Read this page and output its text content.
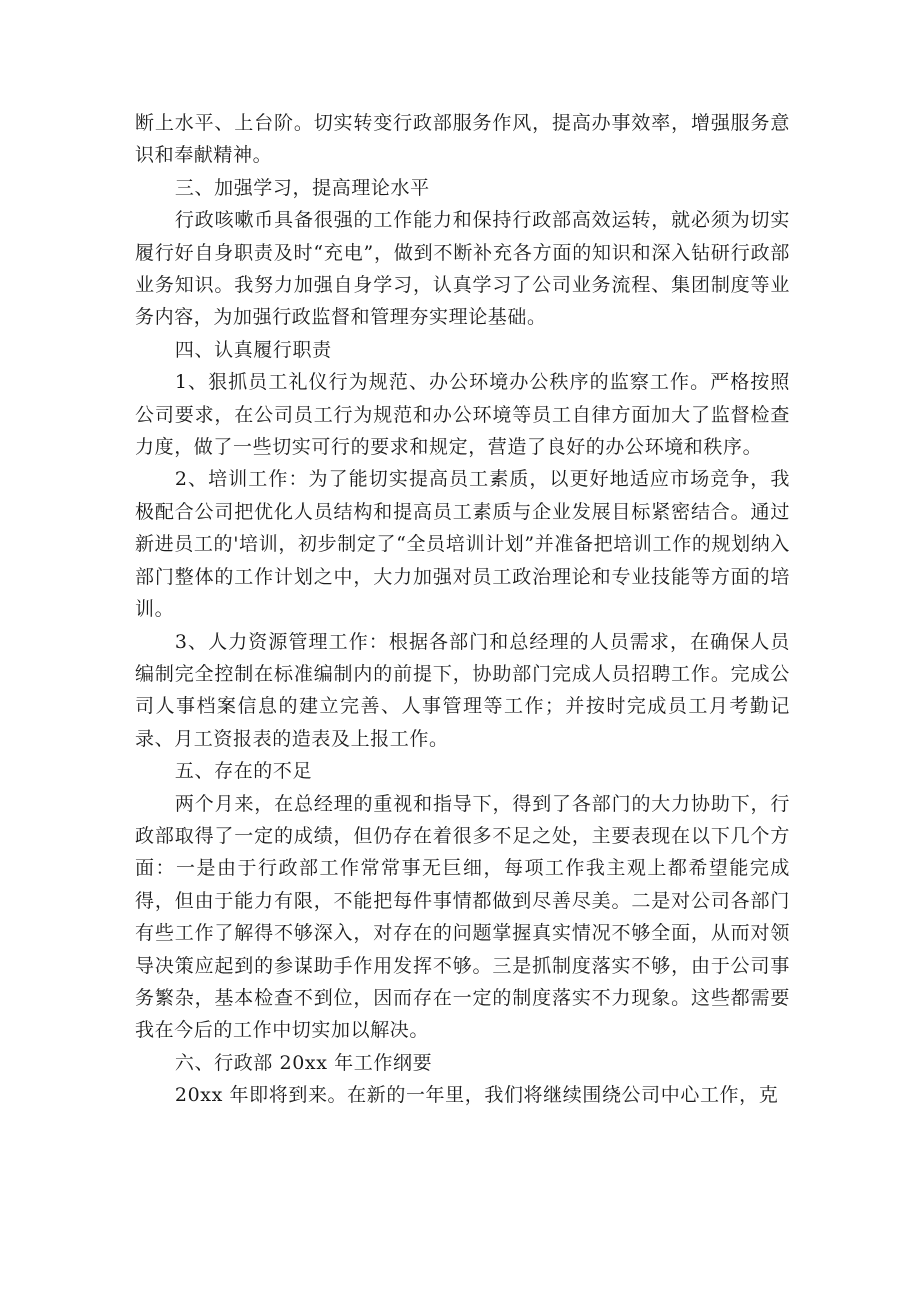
断上水平、上台阶。切实转变行政部服务作风，提高办事效率，增强服务意识和奉献精神。

三、加强学习，提高理论水平

行政咳嗽币具备很强的工作能力和保持行政部高效运转，就必须为切实履行好自身职责及时“充电”，做到不断补充各方面的知识和深入钻研行政部业务知识。我努力加强自身学习，认真学习了公司业务流程、集团制度等业务内容，为加强行政监督和管理夯实理论基础。

四、认真履行职责

1、狠抓员工礼仪行为规范、办公环境办公秩序的监察工作。严格按照公司要求，在公司员工行为规范和办公环境等员工自律方面加大了监督检查力度，做了一些切实可行的要求和规定，营造了良好的办公环境和秩序。

2、培训工作：为了能切实提高员工素质，以更好地适应市场竞争，我极配合公司把优化人员结构和提高员工素质与企业发展目标紧密结合。通过新进员工的'培训，初步制定了“全员培训计划”并准备把培训工作的规划纳入部门整体的工作计划之中，大力加强对员工政治理论和专业技能等方面的培训。

3、人力资源管理工作：根据各部门和总经理的人员需求，在确保人员编制完全控制在标准编制内的前提下，协助部门完成人员招聘工作。完成公司人事档案信息的建立完善、人事管理等工作；并按时完成员工月考勤记录、月工资报表的造表及上报工作。

五、存在的不足

两个月来，在总经理的重视和指导下，得到了各部门的大力协助下，行政部取得了一定的成绩，但仍存在着很多不足之处，主要表现在以下几个方面：一是由于行政部工作常常事无巨细，每项工作我主观上都希望能完成得，但由于能力有限，不能把每件事情都做到尽善尽美。二是对公司各部门有些工作了解得不够深入，对存在的问题掌握真实情况不够全面，从而对领导决策应起到的参谋助手作用发挥不够。三是抓制度落实不够，由于公司事务繁杂，基本检查不到位，因而存在一定的制度落实不力现象。这些都需要我在今后的工作中切实加以解决。

六、行政部 20xx 年工作纲要

20xx 年即将到来。在新的一年里，我们将继续围绕公司中心工作，克
